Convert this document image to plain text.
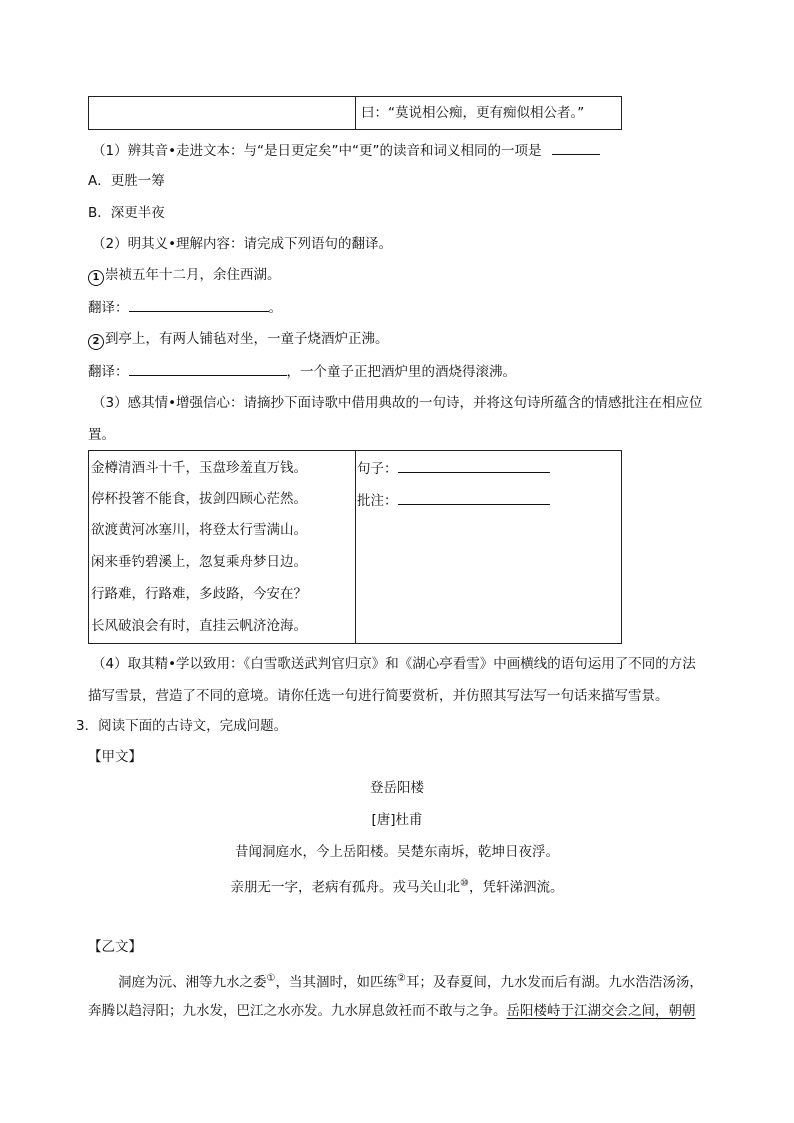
曰：“莫说相公痴，更有痴似相公者。”
（1）辨其音•走进文本：与“是日更定矣”中“更”的读音和词义相同的一项是
A．更胜一筹
B．深更半夜
（2）明其义•理解内容：请完成下列语句的翻译。
1 崇祯五年十二月，余住西湖。
翻译：	。
2 到亭上，有两人铺毡对坐，一童子烧酒炉正沸。
翻译：	，一个童子正把酒炉里的酒烧得滚沸。
（3）感其情•增强信心：请摘抄下面诗歌中借用典故的一句诗，并将这句诗所蕴含的情感批注在相应位
置。
金樽清酒斗十千，玉盘珍羞直万钱。
停杯投箸不能食，拔剑四顾心茫然。
欲渡黄河冰塞川，将登太行雪满山。
闲来垂钓碧溪上，忽复乘舟梦日边。
行路难，行路难，多歧路，今安在？
长风破浪会有时，直挂云帆济沧海。
句子：
批注：
（4）取其精•学以致用：《白雪歌送武判官归京》和《湖心亭看雪》中画横线的语句运用了不同的方法
描写雪景，营造了不同的意境。请你任选一句进行简要赏析，并仿照其写法写一句话来描写雪景。
3．阅读下面的古诗文，完成问题。
【甲文】
登岳阳楼
[唐]杜甫
昔闻洞庭水，今上岳阳楼。吴楚东南坼，乾坤日夜浮。
亲朋无一字，老病有孤舟。戎马关山北⑩，凭轩涕泗流。
【乙文】
洞庭为沅、湘等九水之委①，当其涸时，如匹练②耳；及春夏间，九水发而后有湖。九水浩浩汤汤，
奔腾以趋浔阳；九水发，巴江之水亦发。九水屏息敛衽而不敢与之争。岳阳楼峙于江湖交会之间，朝朝
